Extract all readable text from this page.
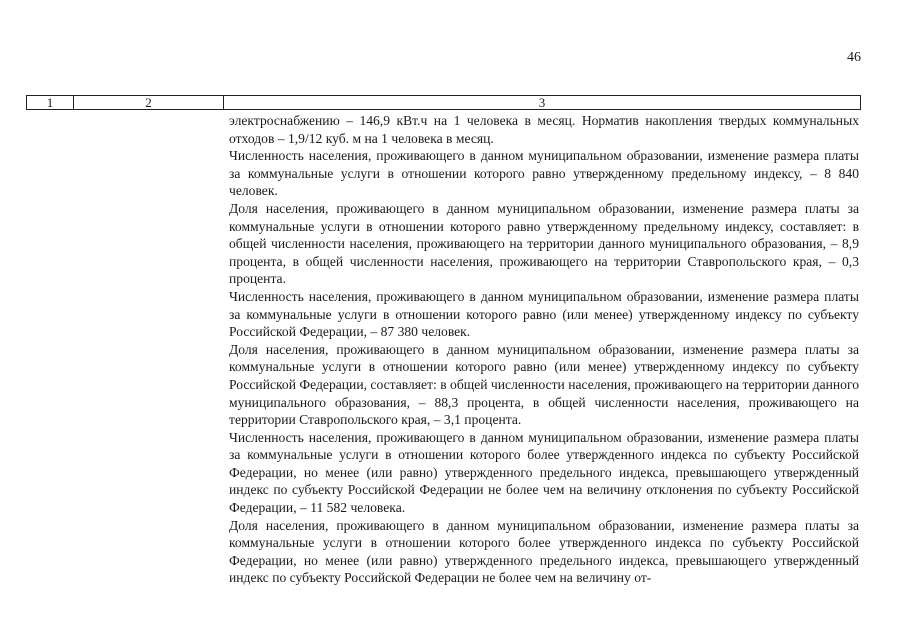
46
1	2	3

электроснабжению – 146,9 кВт.ч на 1 человека в месяц. Норматив накопления твердых коммунальных отходов – 1,9/12 куб. м на 1 человека в месяц.

Численность населения, проживающего в данном муниципальном образовании, изменение размера платы за коммунальные услуги в отношении которого равно утвержденному предельному индексу, – 8 840 человек.

Доля населения, проживающего в данном муниципальном образовании, изменение размера платы за коммунальные услуги в отношении которого равно утвержденному предельному индексу, составляет: в общей численности населения, проживающего на территории данного муниципального образования, – 8,9 процента, в общей численности населения, проживающего на территории Ставропольского края, – 0,3 процента.

Численность населения, проживающего в данном муниципальном образовании, изменение размера платы за коммунальные услуги в отношении которого равно (или менее) утвержденному индексу по субъекту Российской Федерации, – 87 380 человек.

Доля населения, проживающего в данном муниципальном образовании, изменение размера платы за коммунальные услуги в отношении которого равно (или менее) утвержденному индексу по субъекту Российской Федерации, составляет: в общей численности населения, проживающего на территории данного муниципального образования, – 88,3 процента, в общей численности населения, проживающего на территории Ставропольского края, – 3,1 процента.

Численность населения, проживающего в данном муниципальном образовании, изменение размера платы за коммунальные услуги в отношении которого более утвержденного индекса по субъекту Российской Федерации, но менее (или равно) утвержденного предельного индекса, превышающего утвержденный индекс по субъекту Российской Федерации не более чем на величину отклонения по субъекту Российской Федерации, – 11 582 человека.

Доля населения, проживающего в данном муниципальном образовании, изменение размера платы за коммунальные услуги в отношении которого более утвержденного индекса по субъекту Российской Федерации, но менее (или равно) утвержденного предельного индекса, превышающего утвержденный индекс по субъекту Российской Федерации не более чем на величину от-
